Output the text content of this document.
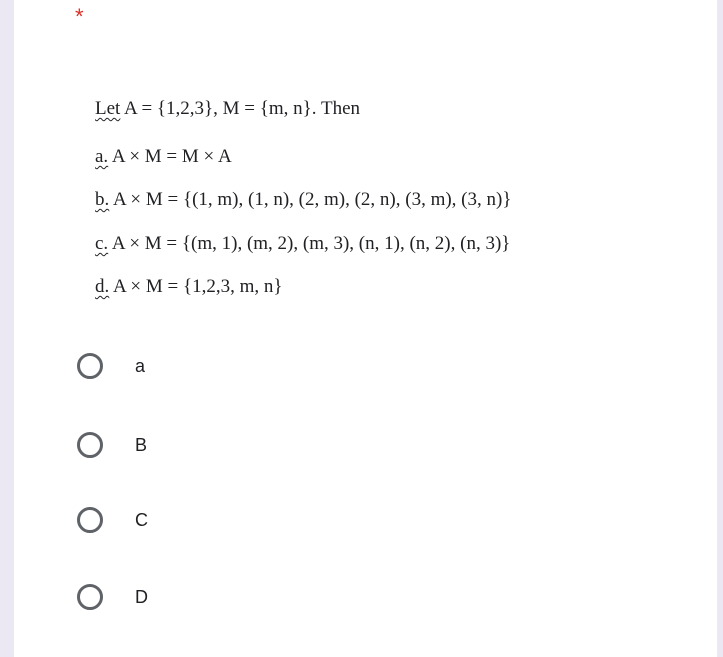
*
Let A = {1,2,3}, M = {m, n}. Then
a. A × M = M × A
b. A × M = {(1, m), (1, n), (2, m), (2, n), (3, m), (3, n)}
c. A × M = {(m, 1), (m, 2), (m, 3), (n, 1), (n, 2), (n, 3)}
d. A × M = {1,2,3, m, n}
a
B
C
D
